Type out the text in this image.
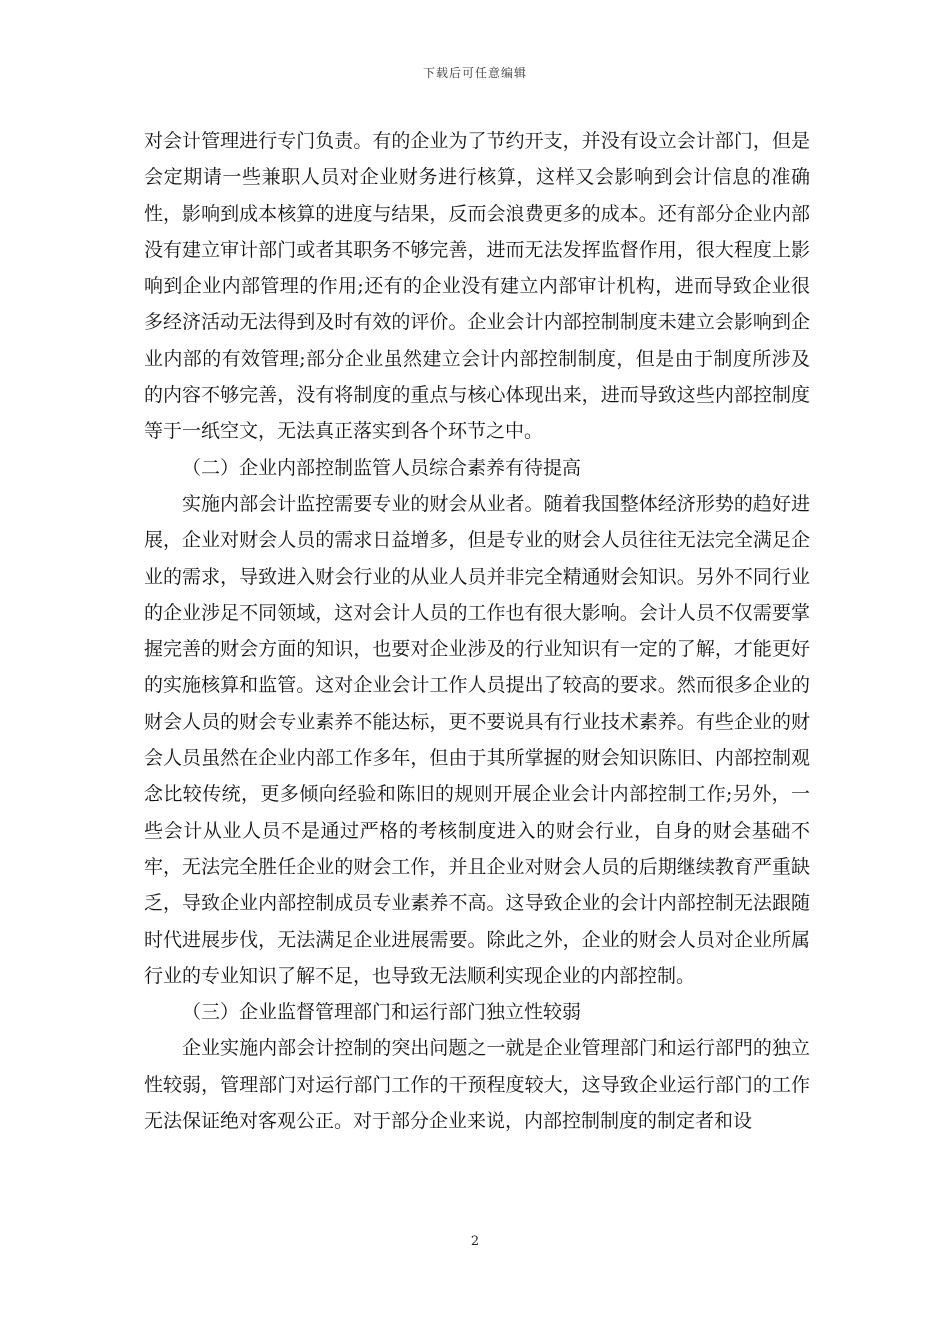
下载后可任意编辑

对会计管理进行专门负责。有的企业为了节约开支，并没有设立会计部门，但是会定期请一些兼职人员对企业财务进行核算，这样又会影响到会计信息的准确性，影响到成本核算的进度与结果，反而会浪费更多的成本。还有部分企业内部没有建立审计部门或者其职务不够完善，进而无法发挥监督作用，很大程度上影响到企业内部管理的作用;还有的企业没有建立内部审计机构，进而导致企业很多经济活动无法得到及时有效的评价。企业会计内部控制制度未建立会影响到企业内部的有效管理;部分企业虽然建立会计内部控制制度，但是由于制度所涉及的内容不够完善，没有将制度的重点与核心体现出来，进而导致这些内部控制度等于一纸空文，无法真正落实到各个环节之中。

（二）企业内部控制监管人员综合素养有待提高

实施内部会计监控需要专业的财会从业者。随着我国整体经济形势的趋好进展，企业对财会人员的需求日益增多，但是专业的财会人员往往无法完全满足企业的需求，导致进入财会行业的从业人员并非完全精通财会知识。另外不同行业的企业涉足不同领域，这对会计人员的工作也有很大影响。会计人员不仅需要掌握完善的财会方面的知识，也要对企业涉及的行业知识有一定的了解，才能更好的实施核算和监管。这对企业会计工作人员提出了较高的要求。然而很多企业的财会人员的财会专业素养不能达标，更不要说具有行业技术素养。有些企业的财会人员虽然在企业内部工作多年，但由于其所掌握的财会知识陈旧、内部控制观念比较传统，更多倾向经验和陈旧的规则开展企业会计内部控制工作;另外，一些会计从业人员不是通过严格的考核制度进入的财会行业，自身的财会基础不牢，无法完全胜任企业的财会工作，并且企业对财会人员的后期继续教育严重缺乏，导致企业内部控制成员专业素养不高。这导致企业的会计内部控制无法跟随时代进展步伐，无法满足企业进展需要。除此之外，企业的财会人员对企业所属行业的专业知识了解不足，也导致无法顺利实现企业的内部控制。

（三）企业监督管理部门和运行部门独立性较弱

企业实施内部会计控制的突出问题之一就是企业管理部门和运行部門的独立性较弱，管理部门对运行部门工作的干预程度较大，这导致企业运行部门的工作无法保证绝对客观公正。对于部分企业来说，内部控制制度的制定者和设

2
